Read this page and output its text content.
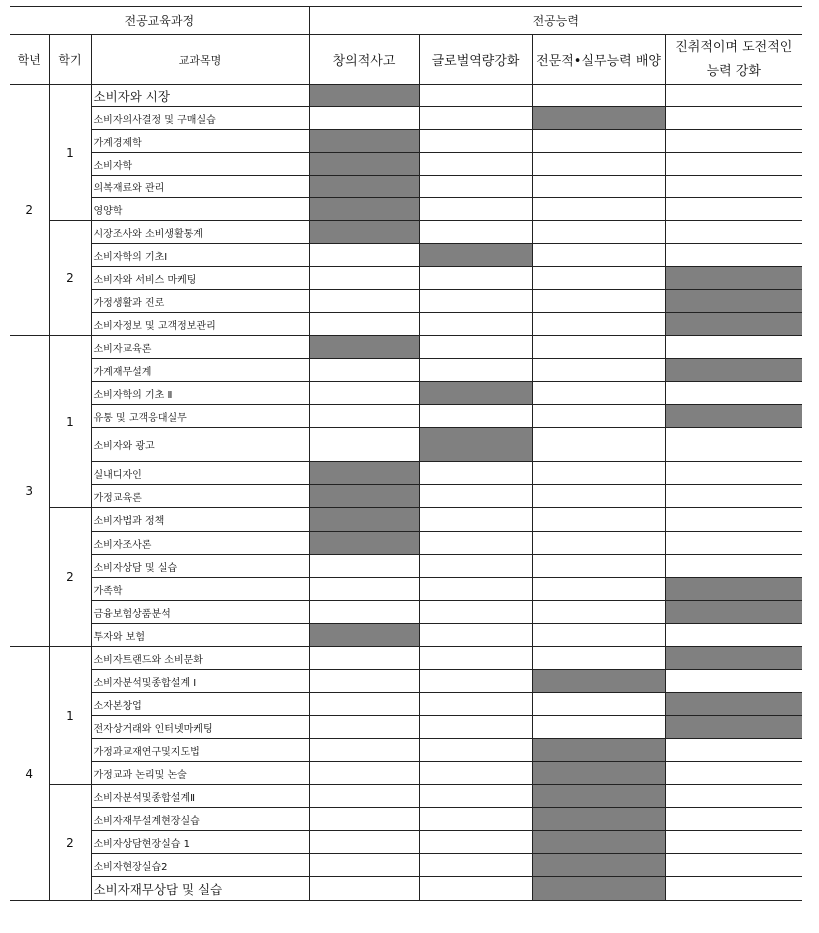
전공교육과정			전공능력			
학년	학기	교과목명	창의적사고	글로벌역량강화	전문적•실무능력 배양	진취적이며 도전적인
능력 강화
2	1	소비자와 시장				
		소비자의사결정 및 구매실습				
		가계경제학				
		소비자학				
		의복재료와 관리				
		영양학				
	2	시장조사와 소비생활통계				
		소비자학의 기초Ⅰ				
		소비자와 서비스 마케팅				
		가정생활과 진로				
		소비자정보 및 고객정보관리				
3	1	소비자교육론				
		가계재무설계				
		소비자학의 기초 Ⅱ				
		유통 및 고객응대실무				
		소비자와 광고				
		실내디자인				
		가정교육론				
	2	소비자법과 정책				
		소비자조사론				
		소비자상담 및 실습				
		가족학				
		금융보험상품분석				
		투자와 보험				
4	1	소비자트랜드와 소비문화				
		소비자분석및종합설계 Ⅰ				
		소자본창업				
		전자상거래와 인터넷마케팅				
		가정과교재연구및지도법				
		가정교과 논리및 논술				
	2	소비자분석및종합설계Ⅱ				
		소비자재무설계현장실습				
		소비자상담현장실습 1				
		소비자현장실습2				
		소비자재무상담 및 실습				
